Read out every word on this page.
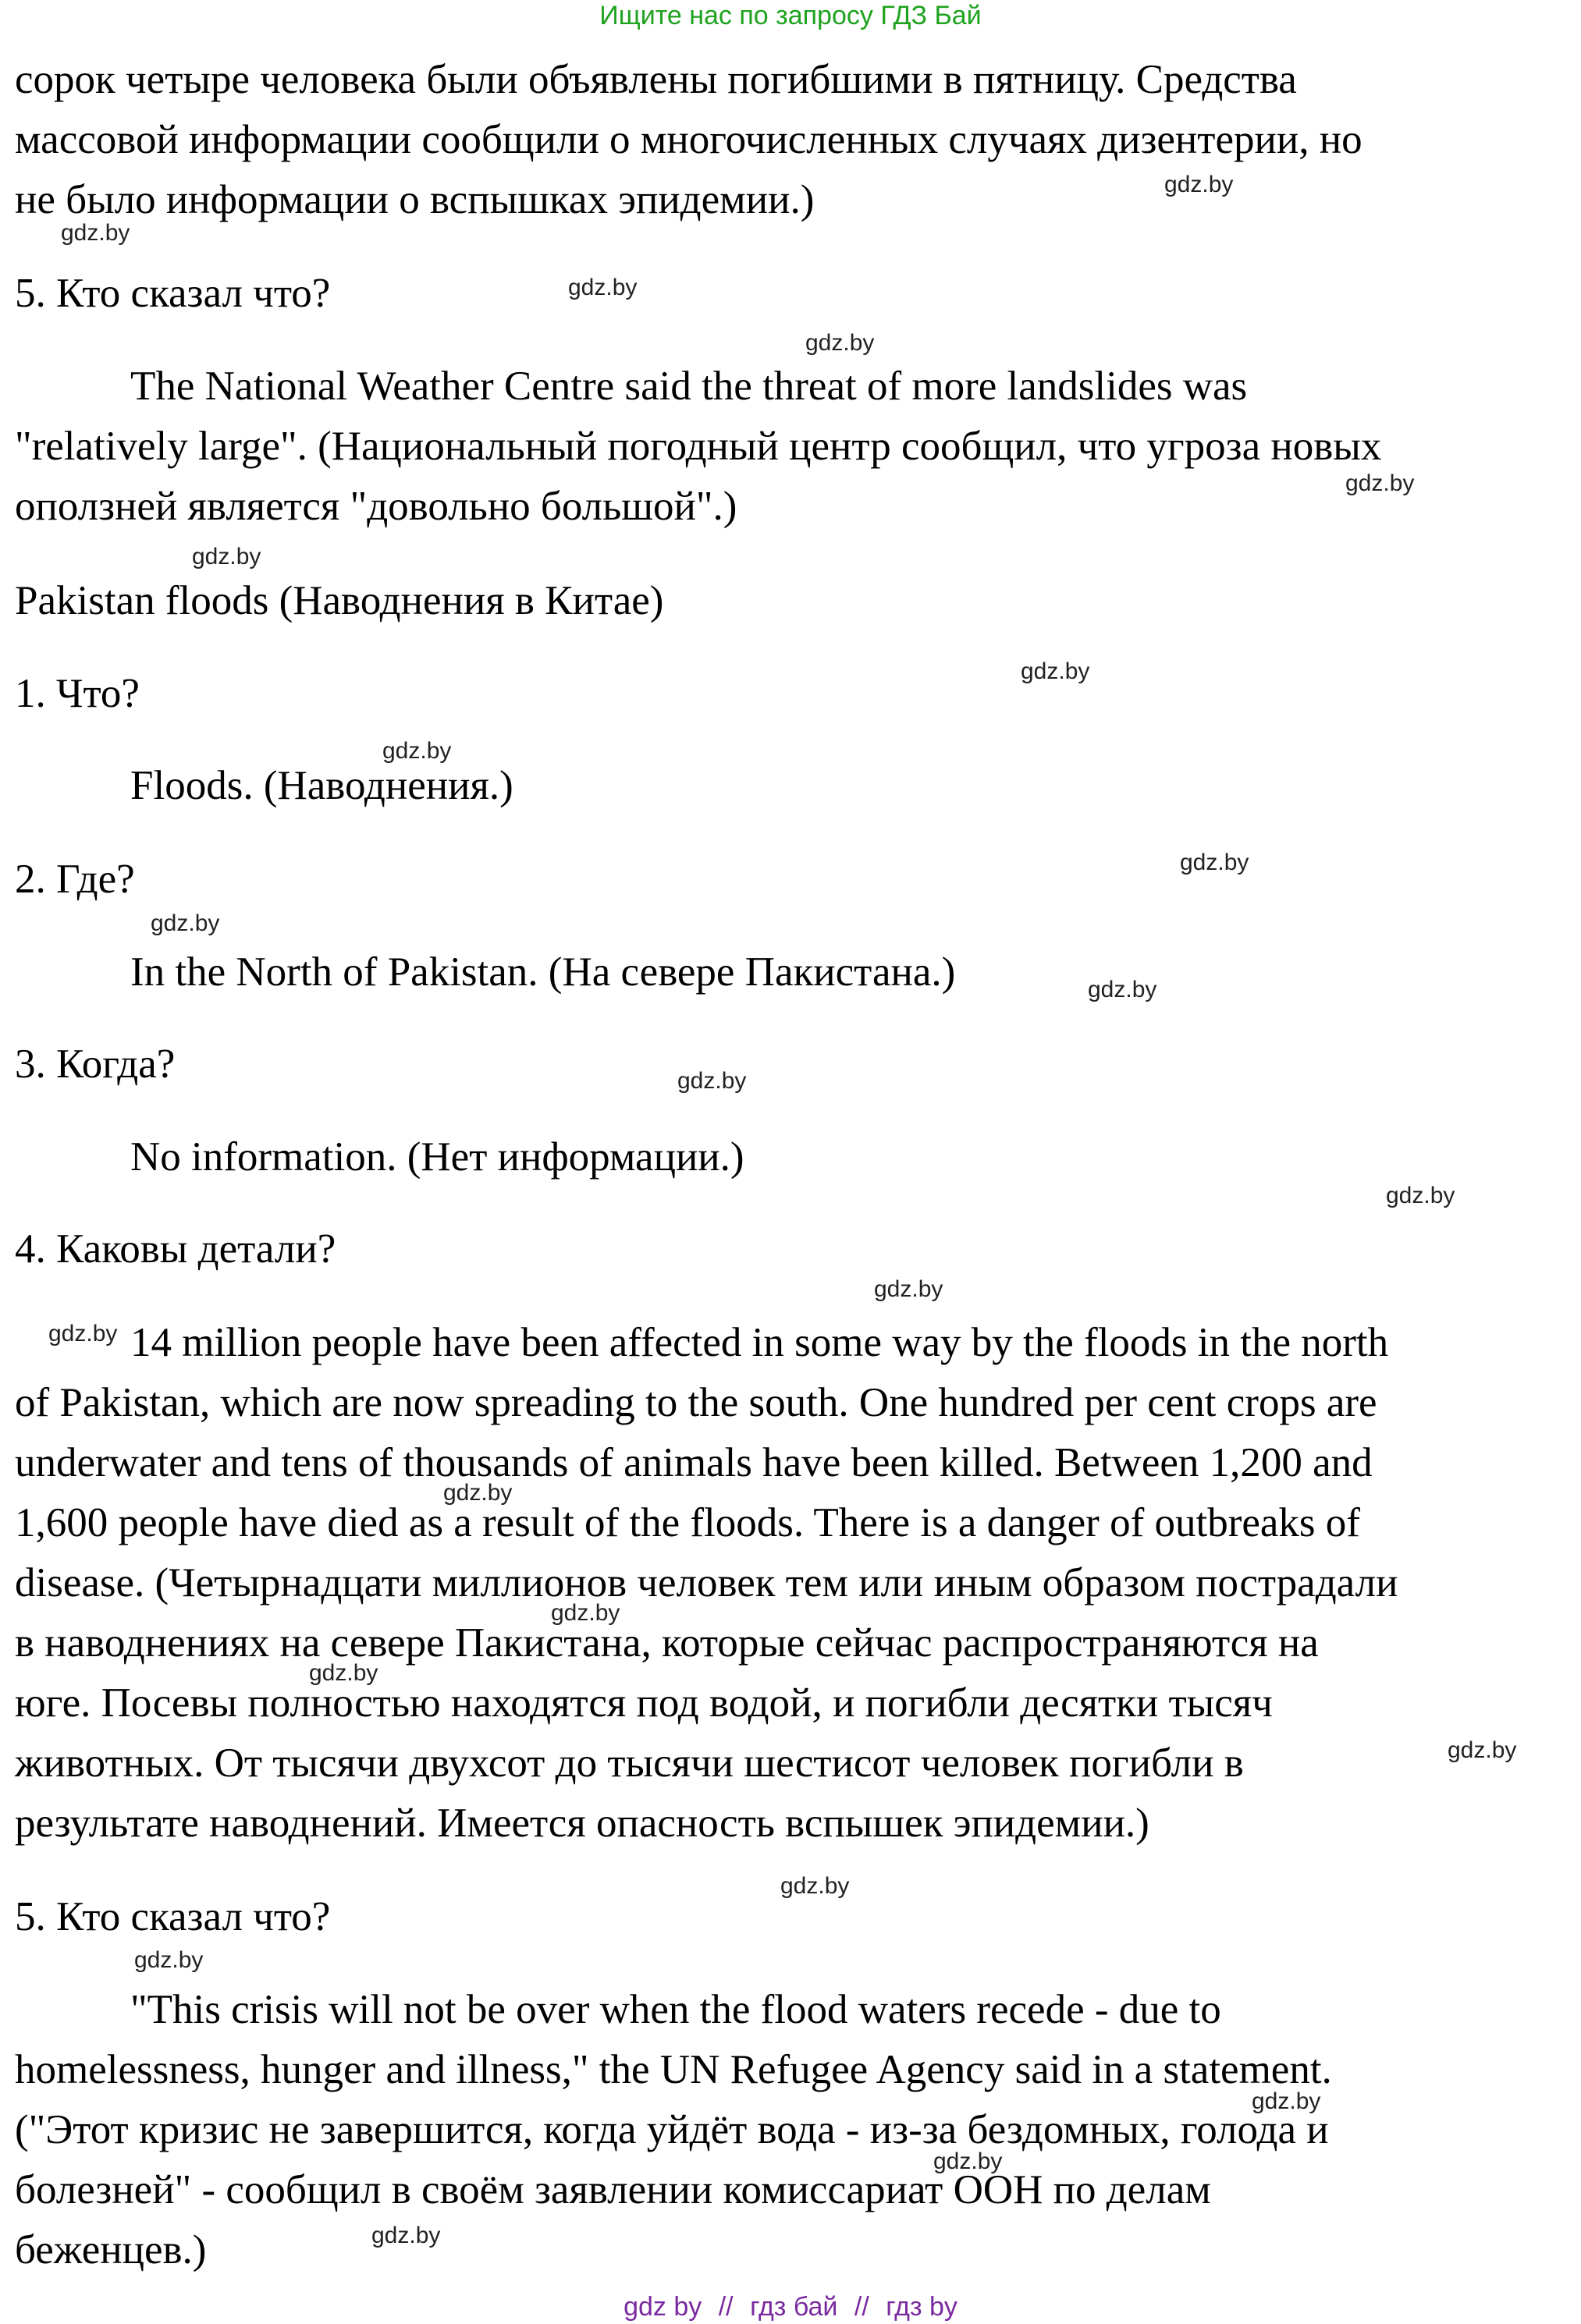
Ищите нас по запросу ГДЗ Бай
сорок четыре человека были объявлены погибшими в пятницу. Средства
массовой информации сообщили о многочисленных случаях дизентерии, но
не было информации о вспышках эпидемии.)
5. Кто сказал что?
The National Weather Centre said the threat of more landslides was
"relatively large". (Национальный погодный центр сообщил, что угроза новых
оползней является "довольно большой".)
Pakistan floods (Наводнения в Китае)
1. Что?
Floods. (Наводнения.)
2. Где?
In the North of Pakistan. (На севере Пакистана.)
3. Когда?
No information. (Нет информации.)
4. Каковы детали?
14 million people have been affected in some way by the floods in the north
of Pakistan, which are now spreading to the south. One hundred per cent crops are
underwater and tens of thousands of animals have been killed. Between 1,200 and
1,600 people have died as a result of the floods. There is a danger of outbreaks of
disease. (Четырнадцати миллионов человек тем или иным образом пострадали
в наводнениях на севере Пакистана, которые сейчас распространяются на
юге. Посевы полностью находятся под водой, и погибли десятки тысяч
животных. От тысячи двухсот до тысячи шестисот человек погибли в
результате наводнений. Имеется опасность вспышек эпидемии.)
5. Кто сказал что?
"This crisis will not be over when the flood waters recede - due to
homelessness, hunger and illness," the UN Refugee Agency said in a statement.
("Этот кризис не завершится, когда уйдёт вода - из-за бездомных, голода и
болезней" - сообщил в своём заявлении комиссариат ООН по делам
беженцев.)
gdz.by
gdz.by
gdz.by
gdz.by
gdz.by
gdz.by
gdz.by
gdz.by
gdz.by
gdz.by
gdz.by
gdz.by
gdz.by
gdz.by
gdz.by
gdz.by
gdz.by
gdz.by
gdz.by
gdz.by
gdz.by
gdz.by
gdz.by
gdz.by
gdz by // гдз бай // гдз by
